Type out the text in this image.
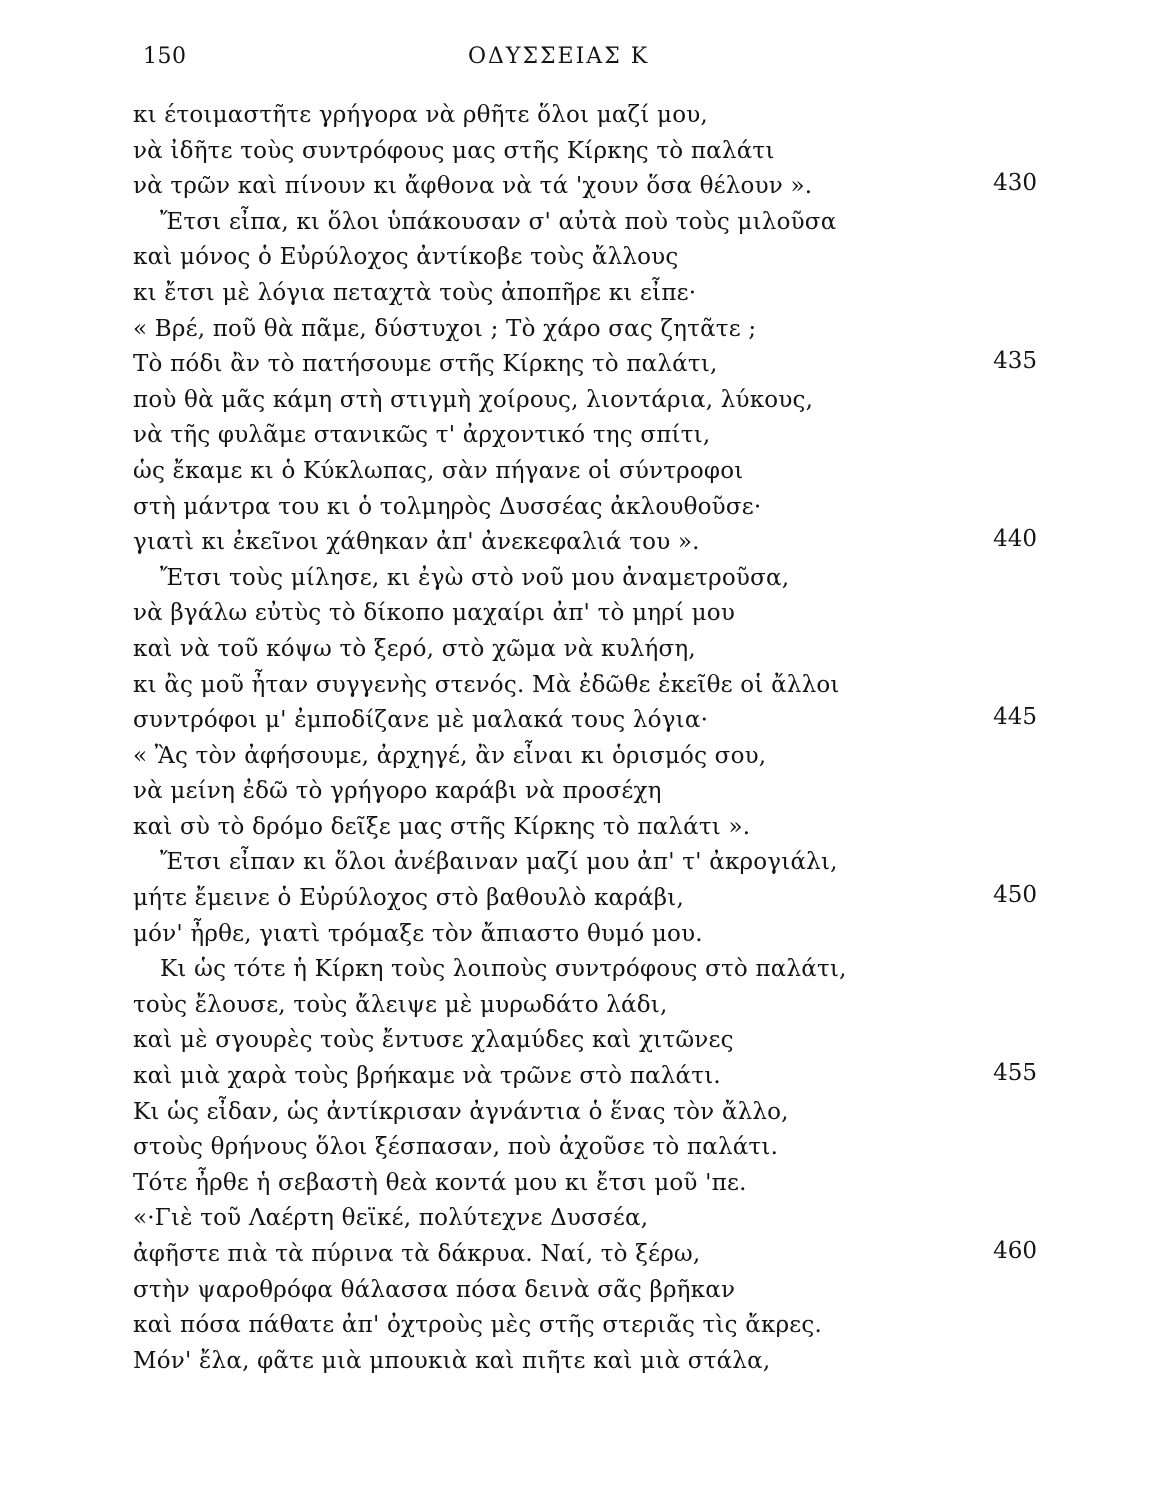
150	ΟΔΥΣΣΕΙΑΣ Κ
κι έτοιμαστῆτε γρήγορα νὰ ρθῆτε ὅλοι μαζί μου,
νὰ ἰδῆτε τοὺς συντρόφους μας στῆς Κίρκης τὸ παλάτι
νὰ τρῶν καὶ πίνουν κι ἄφθονα νὰ τά 'χουν ὅσα θέλουν ».	430
Ἔτσι εἶπα, κι ὅλοι ὑπάκουσαν σ' αὐτὰ ποὺ τοὺς μιλοῦσα
καὶ μόνος ὁ Εὐρύλοχος ἀντίκοβε τοὺς ἄλλους
κι ἔτσι μὲ λόγια πεταχτὰ τοὺς ἀποπῆρε κι εἶπε·
« Βρέ, ποῦ θὰ πᾶμε, δύστυχοι ; Τὸ χάρο σας ζητᾶτε ;
Τὸ πόδι ἂν τὸ πατήσουμε στῆς Κίρκης τὸ παλάτι,	435
ποὺ θὰ μᾶς κάμη στὴ στιγμὴ χοίρους, λιοντάρια, λύκους,
νὰ τῆς φυλᾶμε στανικῶς τ' ἀρχοντικό της σπίτι,
ὡς ἔκαμε κι ὁ Κύκλωπας, σὰν πήγανε οἱ σύντροφοι
στὴ μάντρα του κι ὁ τολμηρὸς Δυσσέας ἀκλουθοῦσε·
γιατὶ κι ἐκεῖνοι χάθηκαν ἀπ' ἀνεκεφαλιά του ».	440
Ἔτσι τοὺς μίλησε, κι ἐγὼ στὸ νοῦ μου ἀναμετροῦσα,
νὰ βγάλω εὐτὺς τὸ δίκοπο μαχαίρι ἀπ' τὸ μηρί μου
καὶ νὰ τοῦ κόψω τὸ ξερό, στὸ χῶμα νὰ κυλήση,
κι ἂς μοῦ ἦταν συγγενὴς στενός. Μὰ ἐδῶθε ἐκεῖθε οἱ ἄλλοι
συντρόφοι μ' ἐμποδίζανε μὲ μαλακά τους λόγια·	445
« Ἂς τὸν ἀφήσουμε, ἀρχηγέ, ἂν εἶναι κι ὁρισμός σου,
νὰ μείνη ἐδῶ τὸ γρήγορο καράβι νὰ προσέχη
καὶ σὺ τὸ δρόμο δεῖξε μας στῆς Κίρκης τὸ παλάτι ».
Ἔτσι εἶπαν κι ὅλοι ἀνέβαιναν μαζί μου ἀπ' τ' ἀκρογιάλι,
μήτε ἔμεινε ὁ Εὐρύλοχος στὸ βαθουλὸ καράβι,	450
μόν' ἦρθε, γιατὶ τρόμαξε τὸν ἄπιαστο θυμό μου.
Κι ὡς τότε ἡ Κίρκη τοὺς λοιποὺς συντρόφους στὸ παλάτι,
τοὺς ἔλουσε, τοὺς ἄλειψε μὲ μυρωδάτο λάδι,
καὶ μὲ σγουρὲς τοὺς ἔντυσε χλαμύδες καὶ χιτῶνες
καὶ μιὰ χαρὰ τοὺς βρήκαμε νὰ τρῶνε στὸ παλάτι.	455
Κι ὡς εἶδαν, ὡς ἀντίκρισαν ἀγνάντια ὁ ἕνας τὸν ἄλλο,
στοὺς θρήνους ὅλοι ξέσπασαν, ποὺ ἀχοῦσε τὸ παλάτι.
Τότε ἦρθε ἡ σεβαστὴ θεὰ κοντά μου κι ἔτσι μοῦ 'πε.
«·Γιὲ τοῦ Λαέρτη θεϊκέ, πολύτεχνε Δυσσέα,
ἀφῆστε πιὰ τὰ πύρινα τὰ δάκρυα. Ναί, τὸ ξέρω,	460
στὴν ψαροθρόφα θάλασσα πόσα δεινὰ σᾶς βρῆκαν
καὶ πόσα πάθατε ἀπ' ὀχτροὺς μὲς στῆς στεριᾶς τὶς ἄκρες.
Μόν' ἔλα, φᾶτε μιὰ μπουκιὰ καὶ πιῆτε καὶ μιὰ στάλα,
